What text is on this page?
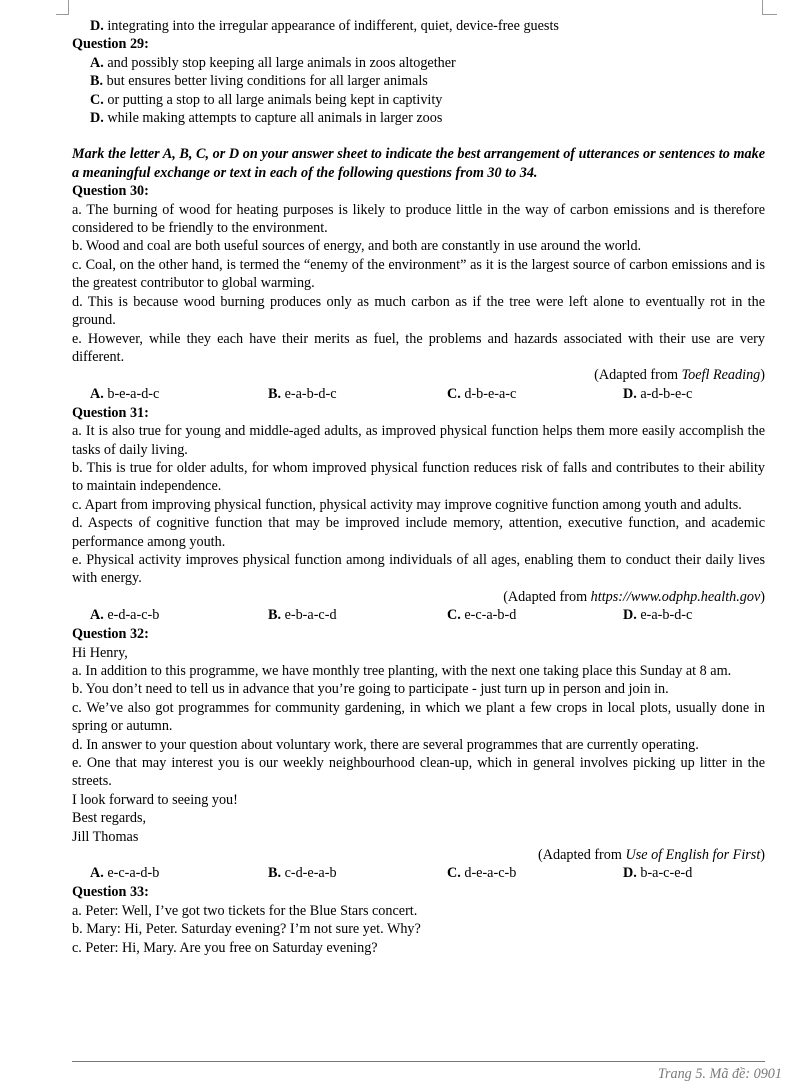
D. integrating into the irregular appearance of indifferent, quiet, device-free guests

Question 29:

A. and possibly stop keeping all large animals in zoos altogether

B. but ensures better living conditions for all larger animals

C. or putting a stop to all large animals being kept in captivity

D. while making attempts to capture all animals in larger zoos

Mark the letter A, B, C, or D on your answer sheet to indicate the best arrangement of utterances or sentences to make a meaningful exchange or text in each of the following questions from 30 to 34.

Question 30:

a. The burning of wood for heating purposes is likely to produce little in the way of carbon emissions and is therefore considered to be friendly to the environment.

b. Wood and coal are both useful sources of energy, and both are constantly in use around the world.

c. Coal, on the other hand, is termed the “enemy of the environment” as it is the largest source of carbon emissions and is the greatest contributor to global warming.

d. This is because wood burning produces only as much carbon as if the tree were left alone to eventually rot in the ground.

e. However, while they each have their merits as fuel, the problems and hazards associated with their use are very different.

(Adapted from Toefl Reading)

A. b-e-a-d-c	B. e-a-b-d-c	C. d-b-e-a-c	D. a-d-b-e-c

Question 31:

a. It is also true for young and middle-aged adults, as improved physical function helps them more easily accomplish the tasks of daily living.

b. This is true for older adults, for whom improved physical function reduces risk of falls and contributes to their ability to maintain independence.

c. Apart from improving physical function, physical activity may improve cognitive function among youth and adults.

d. Aspects of cognitive function that may be improved include memory, attention, executive function, and academic performance among youth.

e. Physical activity improves physical function among individuals of all ages, enabling them to conduct their daily lives with energy.

(Adapted from https://www.odphp.health.gov)

A. e-d-a-c-b	B. e-b-a-c-d	C. e-c-a-b-d	D. e-a-b-d-c

Question 32:

Hi Henry,

a. In addition to this programme, we have monthly tree planting, with the next one taking place this Sunday at 8 am.

b. You don’t need to tell us in advance that you’re going to participate - just turn up in person and join in.

c. We’ve also got programmes for community gardening, in which we plant a few crops in local plots, usually done in spring or autumn.

d. In answer to your question about voluntary work, there are several programmes that are currently operating.

e. One that may interest you is our weekly neighbourhood clean-up, which in general involves picking up litter in the streets.

I look forward to seeing you!

Best regards,

Jill Thomas

(Adapted from Use of English for First)

A. e-c-a-d-b	B. c-d-e-a-b	C. d-e-a-c-b	D. b-a-c-e-d

Question 33:

a. Peter: Well, I’ve got two tickets for the Blue Stars concert.

b. Mary: Hi, Peter. Saturday evening? I’m not sure yet. Why?

c. Peter: Hi, Mary. Are you free on Saturday evening?

Trang 5. Mã đề: 0901
